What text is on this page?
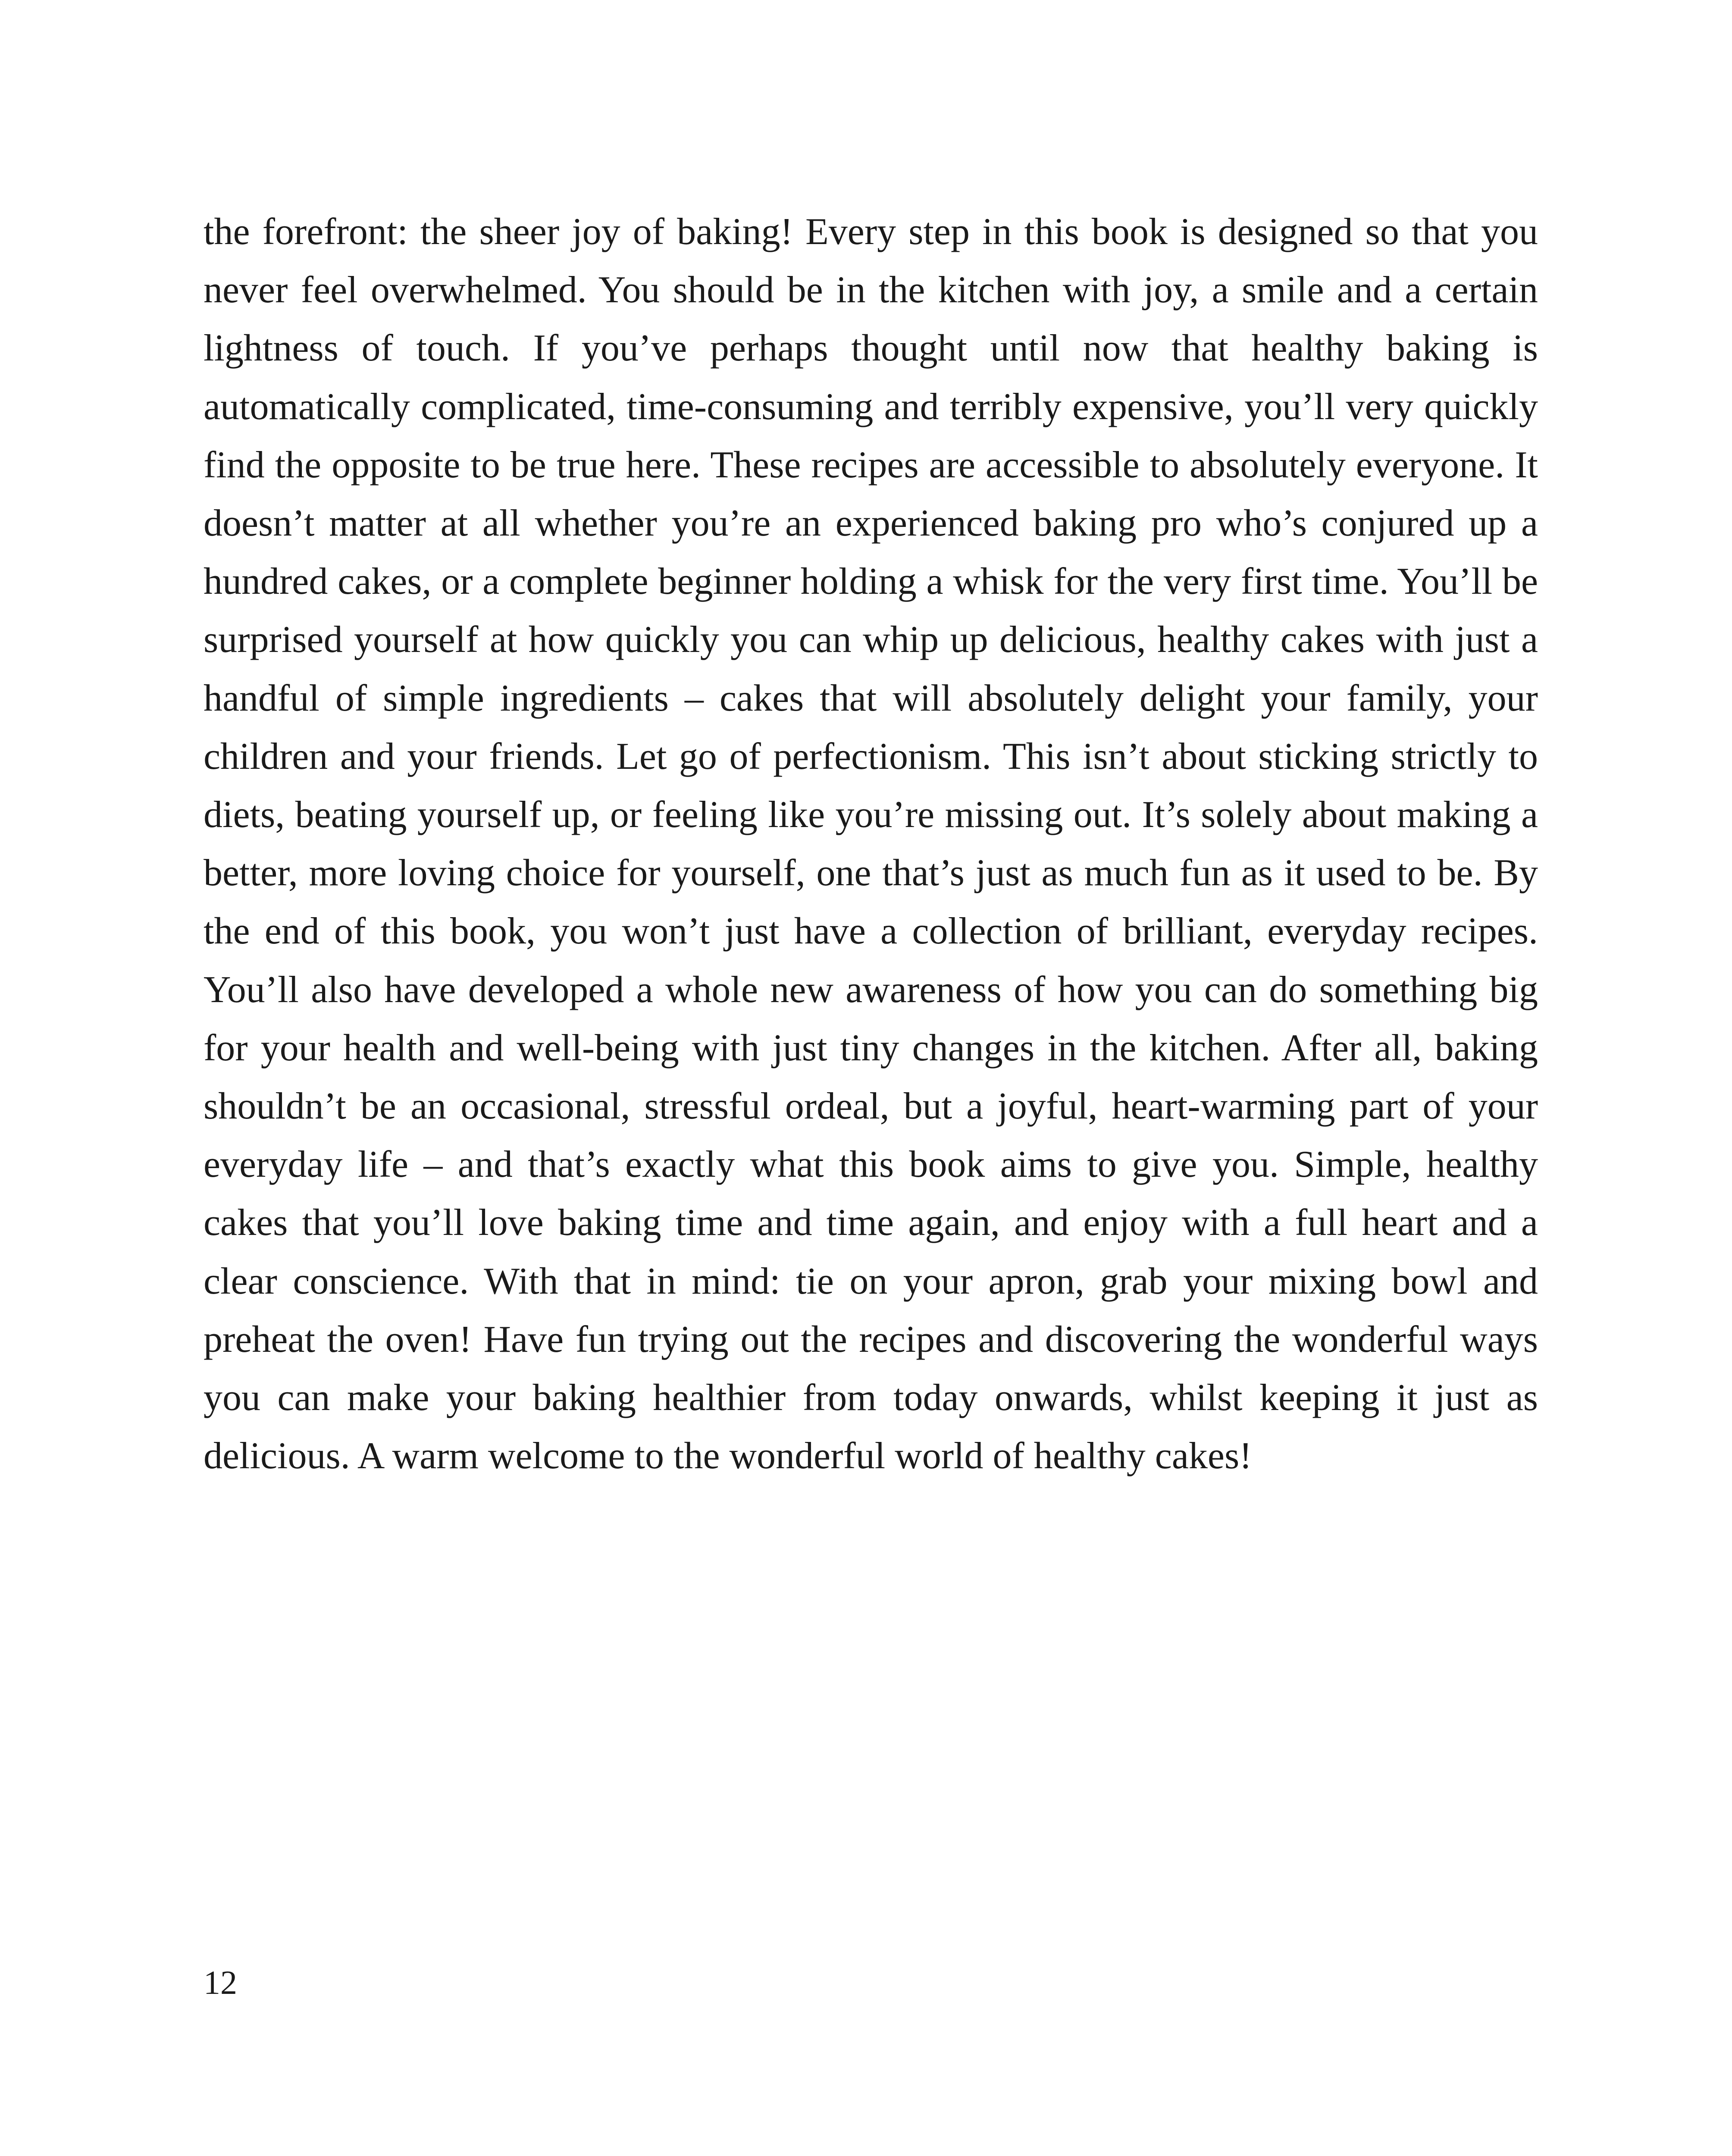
the forefront: the sheer joy of baking! Every step in this book is designed so that you never feel overwhelmed. You should be in the kitchen with joy, a smile and a certain lightness of touch. If you’ve perhaps thought until now that healthy baking is automatically complicated, time-consuming and terribly expensive, you’ll very quickly find the opposite to be true here. These recipes are accessible to absolutely everyone. It doesn’t matter at all whether you’re an experienced baking pro who’s conjured up a hundred cakes, or a complete beginner holding a whisk for the very first time. You’ll be surprised yourself at how quickly you can whip up delicious, healthy cakes with just a handful of simple ingredients – cakes that will absolutely delight your family, your children and your friends. Let go of perfectionism. This isn’t about sticking strictly to diets, beating yourself up, or feeling like you’re missing out. It’s solely about making a better, more loving choice for yourself, one that’s just as much fun as it used to be. By the end of this book, you won’t just have a collection of brilliant, everyday recipes. You’ll also have developed a whole new awareness of how you can do something big for your health and well-being with just tiny changes in the kitchen. After all, baking shouldn’t be an occasional, stressful ordeal, but a joyful, heart-warming part of your everyday life – and that’s exactly what this book aims to give you. Simple, healthy cakes that you’ll love baking time and time again, and enjoy with a full heart and a clear conscience. With that in mind: tie on your apron, grab your mixing bowl and preheat the oven! Have fun trying out the recipes and discovering the wonderful ways you can make your baking healthier from today onwards, whilst keeping it just as delicious. A warm welcome to the wonderful world of healthy cakes!

12
